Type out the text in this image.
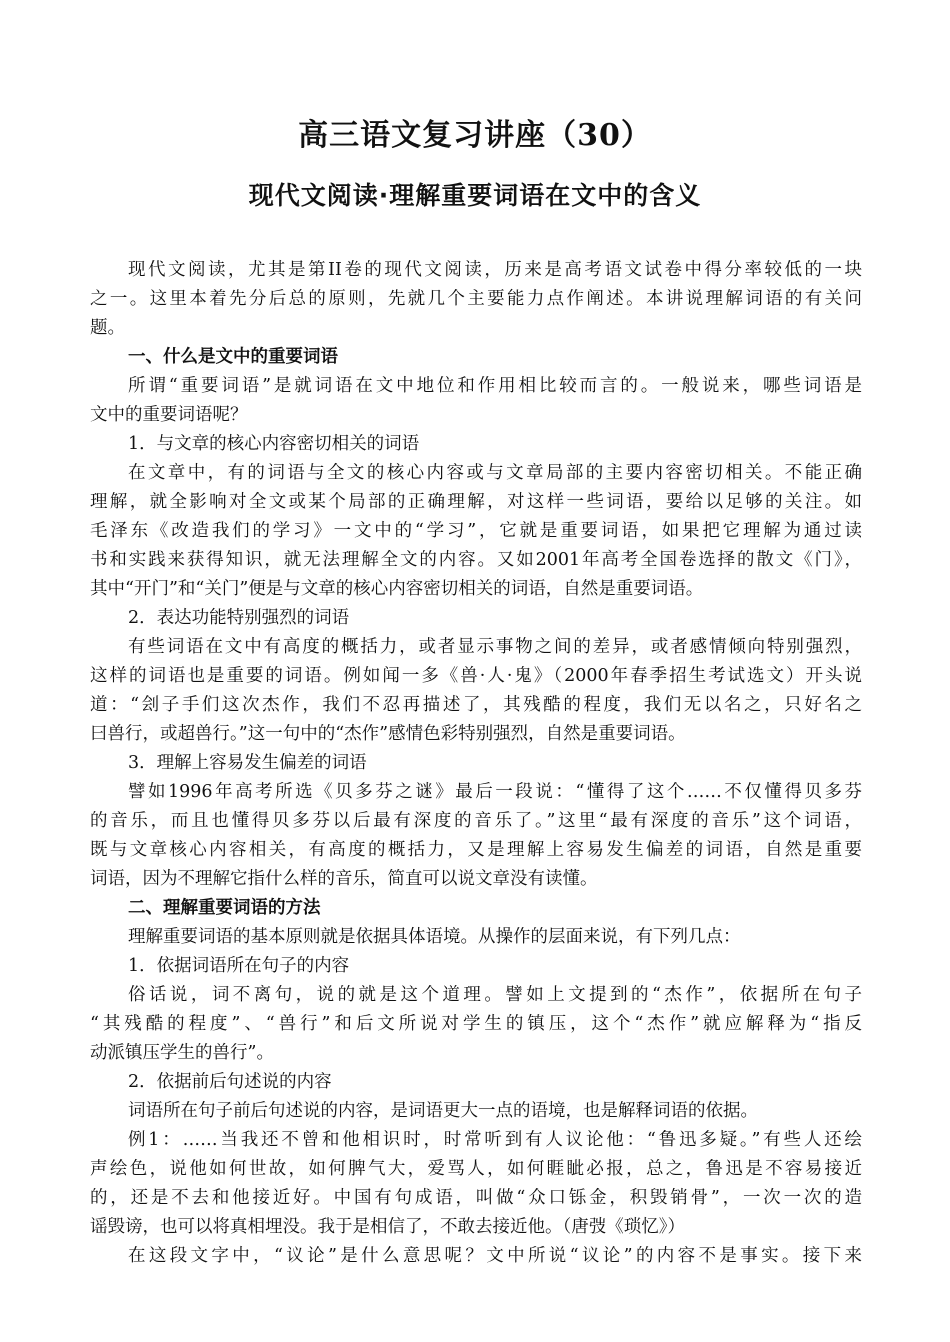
高三语文复习讲座（30）
现代文阅读·理解重要词语在文中的含义
现代文阅读，尤其是第II卷的现代文阅读，历来是高考语文试卷中得分率较低的一块
之一。这里本着先分后总的原则，先就几个主要能力点作阐述。本讲说理解词语的有关问
题。
一、什么是文中的重要词语
所谓“重要词语”是就词语在文中地位和作用相比较而言的。一般说来，哪些词语是
文中的重要词语呢？
1．与文章的核心内容密切相关的词语
在文章中，有的词语与全文的核心内容或与文章局部的主要内容密切相关。不能正确
理解，就全影响对全文或某个局部的正确理解，对这样一些词语，要给以足够的关注。如
毛泽东《改造我们的学习》一文中的“学习”，它就是重要词语，如果把它理解为通过读
书和实践来获得知识，就无法理解全文的内容。又如2001年高考全国卷选择的散文《门》，
其中“开门”和“关门”便是与文章的核心内容密切相关的词语，自然是重要词语。
2．表达功能特别强烈的词语
有些词语在文中有高度的概括力，或者显示事物之间的差异，或者感情倾向特别强烈，
这样的词语也是重要的词语。例如闻一多《兽·人·鬼》（2000年春季招生考试选文）开头说
道：“刽子手们这次杰作，我们不忍再描述了，其残酷的程度，我们无以名之，只好名之
曰兽行，或超兽行。”这一句中的“杰作”感情色彩特别强烈，自然是重要词语。
3．理解上容易发生偏差的词语
譬如1996年高考所选《贝多芬之谜》最后一段说：“懂得了这个……不仅懂得贝多芬
的音乐，而且也懂得贝多芬以后最有深度的音乐了。”这里“最有深度的音乐”这个词语，
既与文章核心内容相关，有高度的概括力，又是理解上容易发生偏差的词语，自然是重要
词语，因为不理解它指什么样的音乐，简直可以说文章没有读懂。
二、理解重要词语的方法
理解重要词语的基本原则就是依据具体语境。从操作的层面来说，有下列几点：
1．依据词语所在句子的内容
俗话说，词不离句，说的就是这个道理。譬如上文提到的“杰作”，依据所在句子
“其残酷的程度”、“兽行”和后文所说对学生的镇压，这个“杰作”就应解释为“指反
动派镇压学生的兽行”。
2．依据前后句述说的内容
词语所在句子前后句述说的内容，是词语更大一点的语境，也是解释词语的依据。
例1：……当我还不曾和他相识时，时常听到有人议论他：“鲁迅多疑。”有些人还绘
声绘色，说他如何世故，如何脾气大，爱骂人，如何睚眦必报，总之，鲁迅是不容易接近
的，还是不去和他接近好。中国有句成语，叫做“众口铄金，积毁销骨”，一次一次的造
谣毁谤，也可以将真相埋没。我于是相信了，不敢去接近他。（唐弢《琐忆》）
在这段文字中，“议论”是什么意思呢？文中所说“议论”的内容不是事实。接下来
